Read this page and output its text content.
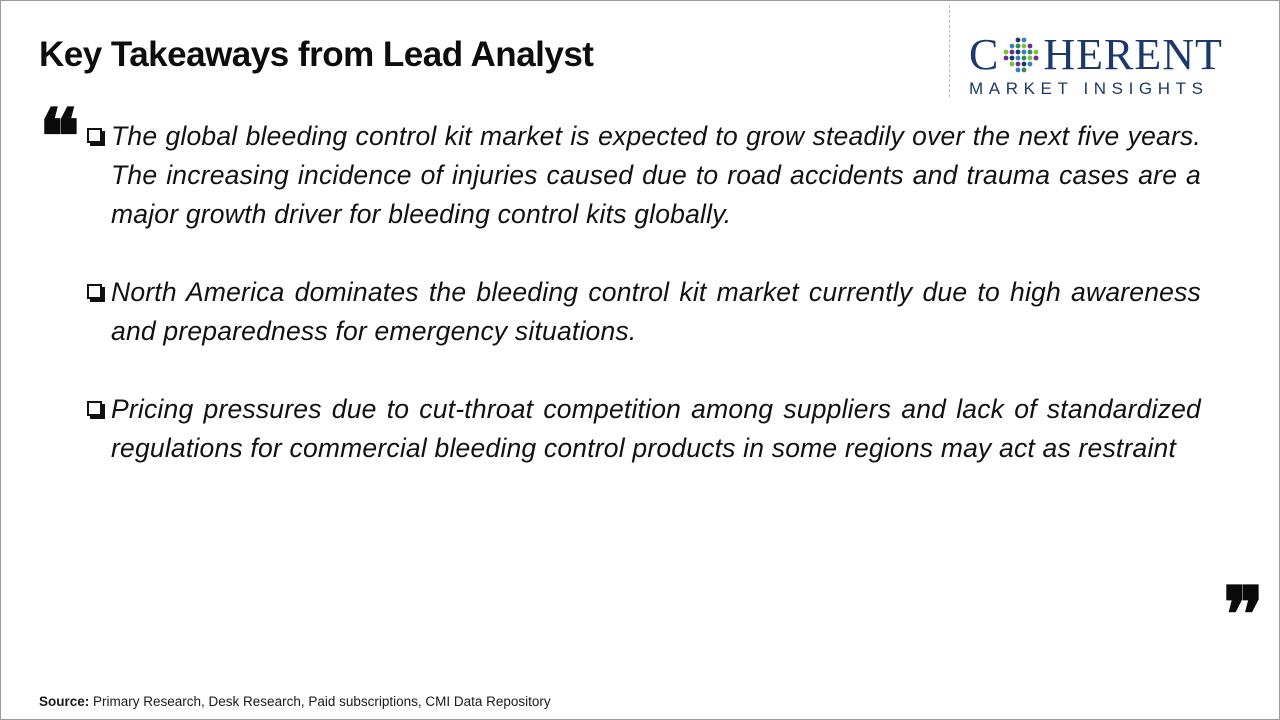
Key Takeaways from Lead Analyst	C HERENT
MARKET INSIGHTS
❝	The global bleeding control kit market is expected to grow steadily over the next five years. The increasing incidence of injuries caused due to road accidents and trauma cases are a major growth driver for bleeding control kits globally.

North America dominates the bleeding control kit market currently due to high awareness and preparedness for emergency situations.

Pricing pressures due to cut-throat competition among suppliers and lack of standardized regulations for commercial bleeding control products in some regions may act as restraint

❞
Source: Primary Research, Desk Research, Paid subscriptions, CMI Data Repository
